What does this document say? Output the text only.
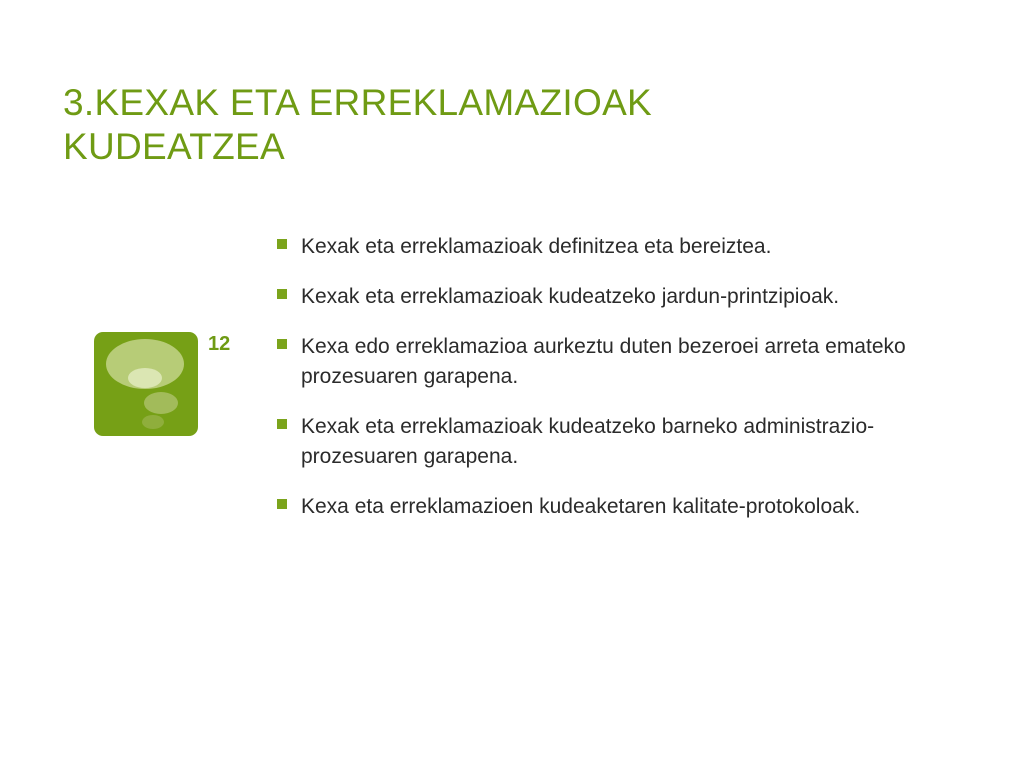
3.KEXAK ETA ERREKLAMAZIOAK
KUDEATZEA
12
Kexak eta erreklamazioak definitzea eta bereiztea.
Kexak eta erreklamazioak kudeatzeko jardun-printzipioak.
Kexa edo erreklamazioa aurkeztu duten bezeroei arreta emateko prozesuaren garapena.
Kexak eta erreklamazioak kudeatzeko barneko administrazio-prozesuaren garapena.
Kexa eta erreklamazioen kudeaketaren kalitate-protokoloak.
